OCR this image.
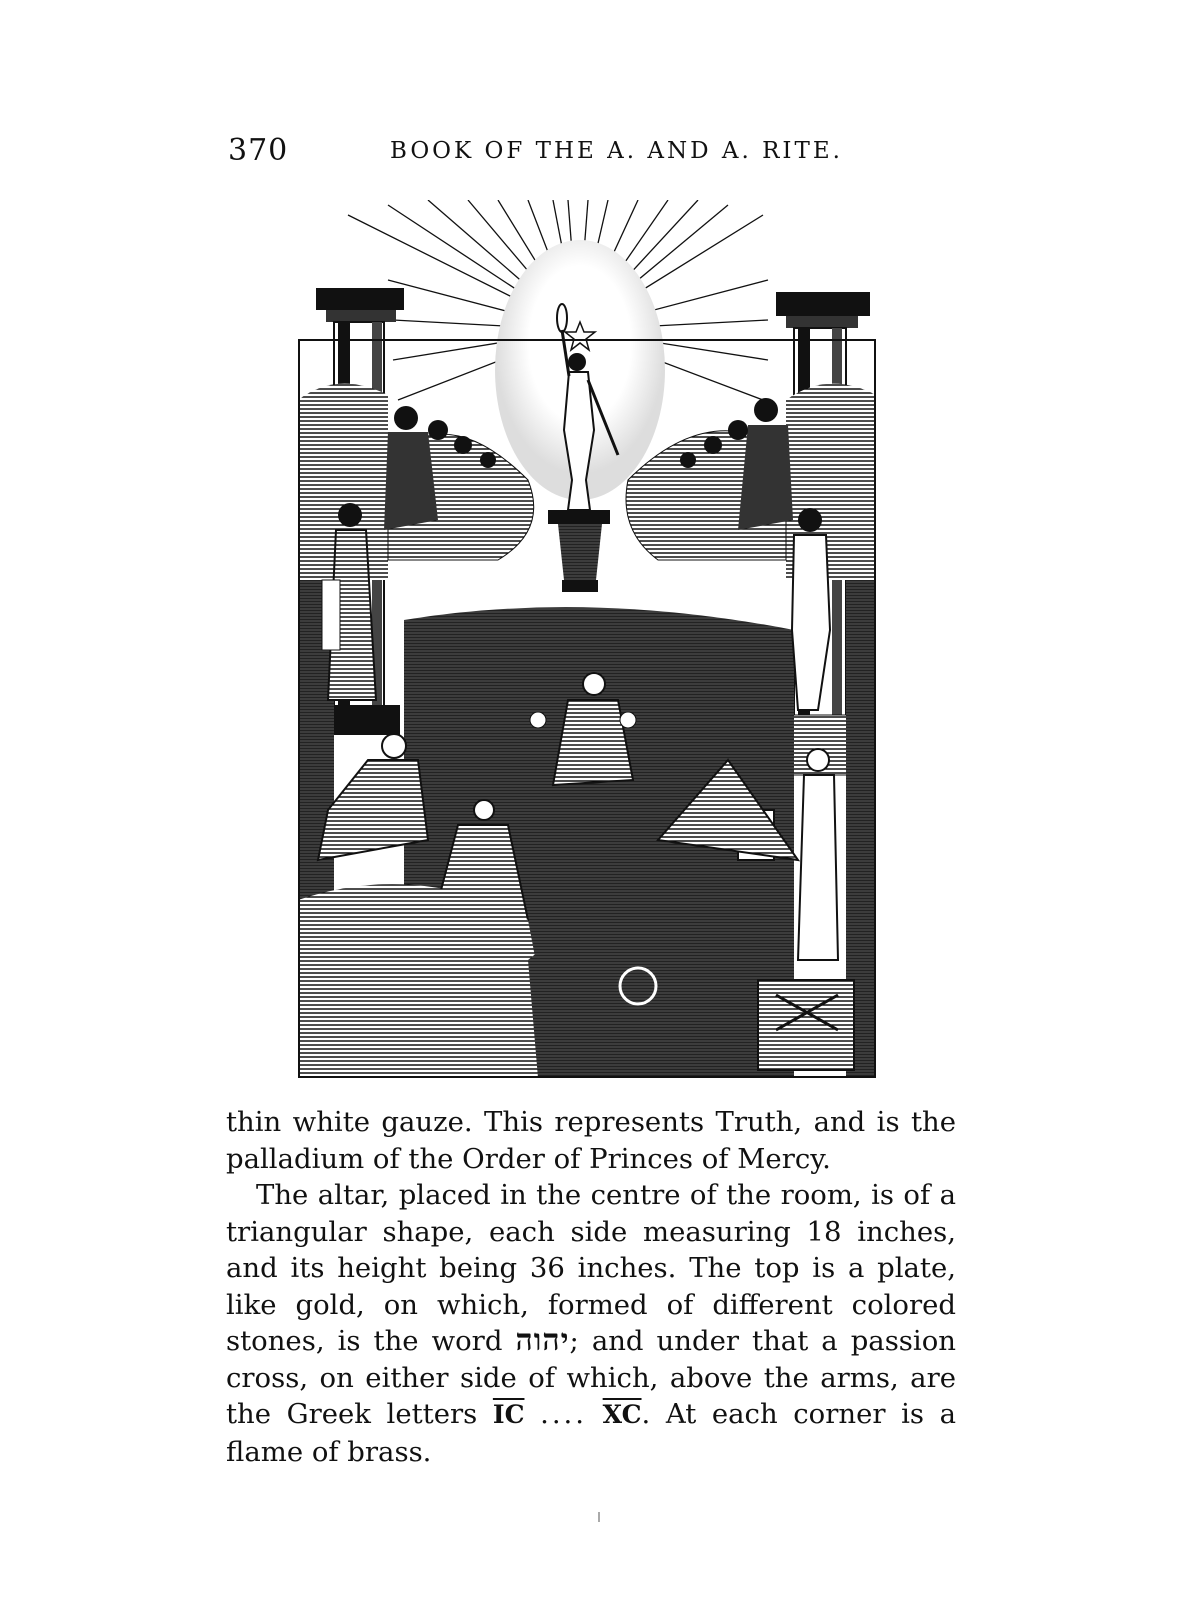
370	BOOK OF THE A. AND A. RITE.

thin white gauze. This represents Truth, and is the palladium of the Order of Princes of Mercy.

The altar, placed in the centre of the room, is of a triangular shape, each side measuring 18 inches, and its height being 36 inches. The top is a plate, like gold, on which, formed of different colored stones, is the word יהוה; and under that a passion cross, on either side of which, above the arms, are the Greek letters $\overline{IC}$ .... $\overline{XC}$. At each corner is a flame of brass.
